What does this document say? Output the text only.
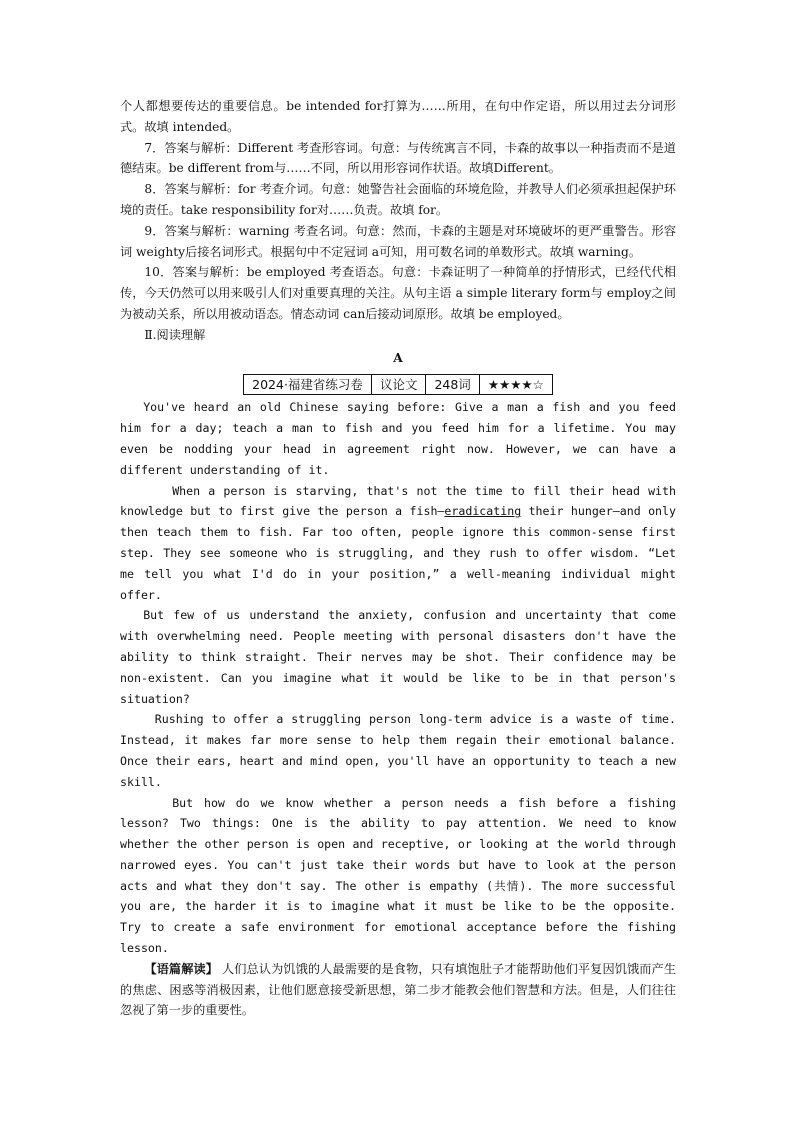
个人都想要传达的重要信息。be intended for打算为……所用，在句中作定语，所以用过去分词形式。故填 intended。

7．答案与解析：Different 考查形容词。句意：与传统寓言不同，卡森的故事以一种指责而不是道德结束。be different from与……不同，所以用形容词作状语。故填Different。

8．答案与解析：for 考查介词。句意：她警告社会面临的环境危险，并教导人们必须承担起保护环境的责任。take responsibility for对……负责。故填 for。

9．答案与解析：warning 考查名词。句意：然而，卡森的主题是对环境破坏的更严重警告。形容词 weighty后接名词形式。根据句中不定冠词 a可知，用可数名词的单数形式。故填 warning。

10．答案与解析：be employed 考查语态。句意：卡森证明了一种简单的抒情形式，已经代代相传，今天仍然可以用来吸引人们对重要真理的关注。从句主语 a simple literary form与 employ之间为被动关系，所以用被动语态。情态动词 can后接动词原形。故填 be employed。

Ⅱ.阅读理解

A

2024·福建省练习卷	议论文	248词	★★★★☆

You've heard an old Chinese saying before: Give a man a fish and you feed him for a day; teach a man to fish and you feed him for a lifetime. You may even be nodding your head in agreement right now. However, we can have a different understanding of it.

When a person is starving, that's not the time to fill their head with knowledge but to first give the person a fish—eradicating their hunger—and only then teach them to fish. Far too often, people ignore this common-sense first step. They see someone who is struggling, and they rush to offer wisdom. “Let me tell you what I'd do in your position,” a well-meaning individual might offer.

But few of us understand the anxiety, confusion and uncertainty that come with overwhelming need. People meeting with personal disasters don't have the ability to think straight. Their nerves may be shot. Their confidence may be non-existent. Can you imagine what it would be like to be in that person's situation?

Rushing to offer a struggling person long-term advice is a waste of time. Instead, it makes far more sense to help them regain their emotional balance. Once their ears, heart and mind open, you'll have an opportunity to teach a new skill.

But how do we know whether a person needs a fish before a fishing lesson? Two things: One is the ability to pay attention. We need to know whether the other person is open and receptive, or looking at the world through narrowed eyes. You can't just take their words but have to look at the person acts and what they don't say. The other is empathy (共情). The more successful you are, the harder it is to imagine what it must be like to be the opposite. Try to create a safe environment for emotional acceptance before the fishing lesson.

【语篇解读】 人们总认为饥饿的人最需要的是食物，只有填饱肚子才能帮助他们平复因饥饿而产生的焦虑、困惑等消极因素，让他们愿意接受新思想，第二步才能教会他们智慧和方法。但是，人们往往忽视了第一步的重要性。
